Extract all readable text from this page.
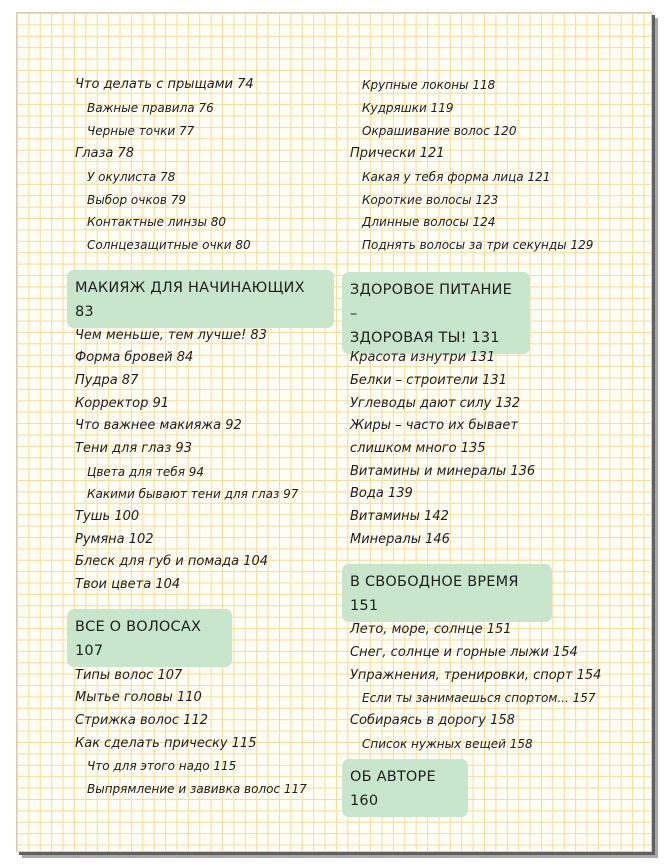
Что делать с прыщами 74
Важные правила 76
Черные точки 77
Глаза 78
У окулиста 78
Выбор очков 79
Контактные линзы 80
Солнцезащитные очки 80
МАКИЯЖ ДЛЯ НАЧИНАЮЩИХ 83
Чем меньше, тем лучше! 83
Форма бровей 84
Пудра 87
Корректор 91
Что важнее макияжа 92
Тени для глаз 93
Цвета для тебя 94
Какими бывают тени для глаз 97
Тушь 100
Румяна 102
Блеск для губ и помада 104
Твои цвета 104
ВСЕ О ВОЛОСАХ 107
Типы волос 107
Мытье головы 110
Стрижка волос 112
Как сделать прическу 115
Что для этого надо 115
Выпрямление и завивка волос 117
Крупные локоны 118
Кудряшки 119
Окрашивание волос 120
Прически 121
Какая у тебя форма лица 121
Короткие волосы 123
Длинные волосы 124
Поднять волосы за три секунды 129
ЗДОРОВОЕ ПИТАНИЕ –
ЗДОРОВАЯ ТЫ! 131
Красота изнутри 131
Белки – строители 131
Углеводы дают силу 132
Жиры – часто их бывает
слишком много 135
Витамины и минералы 136
Вода 139
Витамины 142
Минералы 146
В СВОБОДНОЕ ВРЕМЯ 151
Лето, море, солнце 151
Снег, солнце и горные лыжи 154
Упражнения, тренировки, спорт 154
Если ты занимаешься спортом... 157
Собираясь в дорогу 158
Список нужных вещей 158
ОБ АВТОРЕ 160
